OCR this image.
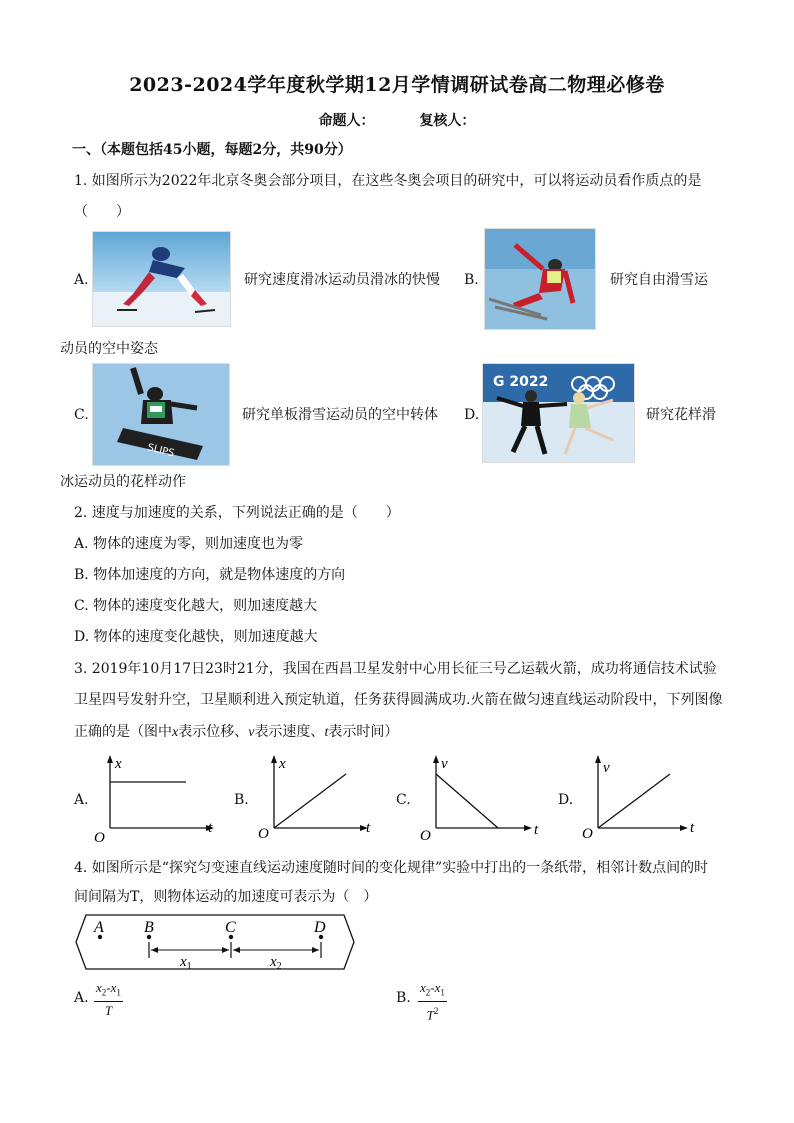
2023-2024学年度秋学期12月学情调研试卷高二物理必修卷
命题人：	复核人：
一、（本题包括45小题，每题2分，共90分）
1. 如图所示为2022年北京冬奥会部分项目，在这些冬奥会项目的研究中，可以将运动员看作质点的是
（　　）
A.	研究速度滑冰运动员滑冰的快慢 B.	研究自由滑雪运
动员的空中姿态
C.
SLIPS
研究单板滑雪运动员的空中转体 D.
G 2022
研究花样滑
冰运动员的花样动作
2. 速度与加速度的关系，下列说法正确的是（　　）
A. 物体的速度为零，则加速度也为零
B. 物体加速度的方向，就是物体速度的方向
C. 物体的速度变化越大，则加速度越大
D. 物体的速度变化越快，则加速度越大
3. 2019年10月17日23时21分，我国在西昌卫星发射中心用长征三号乙运载火箭，成功将通信技术试验
卫星四号发射升空，卫星顺利进入预定轨道，任务获得圆满成功.火箭在做匀速直线运动阶段中，下列图像
正确的是（图中x表示位移、v表示速度、t表示时间）
A.
x
t
O
B.
x
t
O
C.
v
t
O
D.
v
t
O
4. 如图所示是“探究匀变速直线运动速度随时间的变化规律”实验中打出的一条纸带，相邻计数点间的时
间间隔为T，则物体运动的加速度可表示为（　）
A	B	C	D
$x_1$	$x_2$
A. $\frac{x_2-x_1}{T}$	B. $\frac{x_2-x_1}{T^2}$
